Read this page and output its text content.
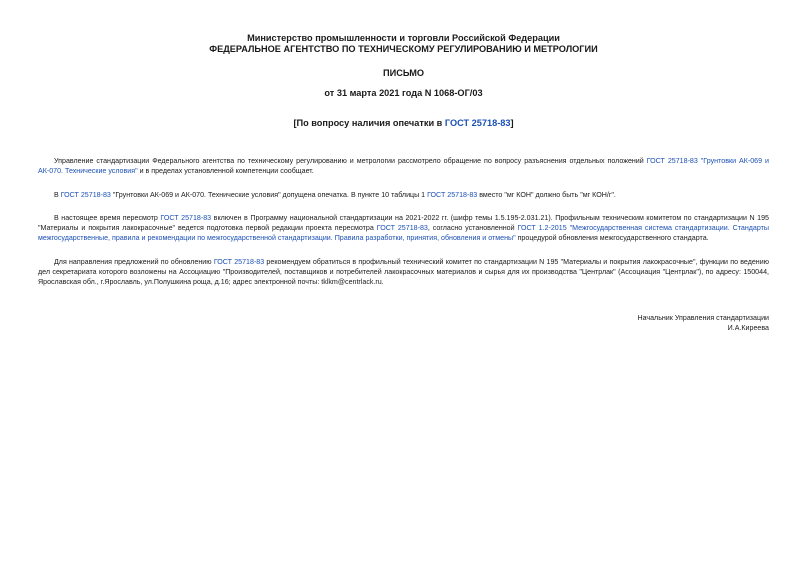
Министерство промышленности и торговли Российской Федерации
ФЕДЕРАЛЬНОЕ АГЕНТСТВО ПО ТЕХНИЧЕСКОМУ РЕГУЛИРОВАНИЮ И МЕТРОЛОГИИ
ПИСЬМО
от 31 марта 2021 года N 1068-ОГ/03
[По вопросу наличия опечатки в ГОСТ 25718-83]

Управление стандартизации Федерального агентства по техническому регулированию и метрологии рассмотрело обращение по вопросу разъяснения отдельных положений ГОСТ 25718-83 "Грунтовки АК-069 и АК-070. Технические условия" и в пределах установленной компетенции сообщает.

В ГОСТ 25718-83 "Грунтовки АК-069 и АК-070. Технические условия" допущена опечатка. В пункте 10 таблицы 1 ГОСТ 25718-83 вместо "мг КОН" должно быть "мг КОН/г".

В настоящее время пересмотр ГОСТ 25718-83 включен в Программу национальной стандартизации на 2021-2022 гг. (шифр темы 1.5.195-2.031.21). Профильным техническим комитетом по стандартизации N 195 "Материалы и покрытия лакокрасочные" ведется подготовка первой редакции проекта пересмотра ГОСТ 25718-83, согласно установленной ГОСТ 1.2-2015 "Межгосударственная система стандартизации. Стандарты межгосударственные, правила и рекомендации по межгосударственной стандартизации. Правила разработки, принятия, обновления и отмены" процедурой обновления межгосударственного стандарта.

Для направления предложений по обновлению ГОСТ 25718-83 рекомендуем обратиться в профильный технический комитет по стандартизации N 195 "Материалы и покрытия лакокрасочные", функции по ведению дел секретариата которого возложены на Ассоциацию "Производителей, поставщиков и потребителей лакокрасочных материалов и сырья для их производства "Центрлак" (Ассоциация "Центрлак"), по адресу: 150044, Ярославская обл., г.Ярославль, ул.Полушкина роща, д.16; адрес электронной почты: tklkm@centrlack.ru.

Начальник Управления стандартизации
И.А.Киреева
